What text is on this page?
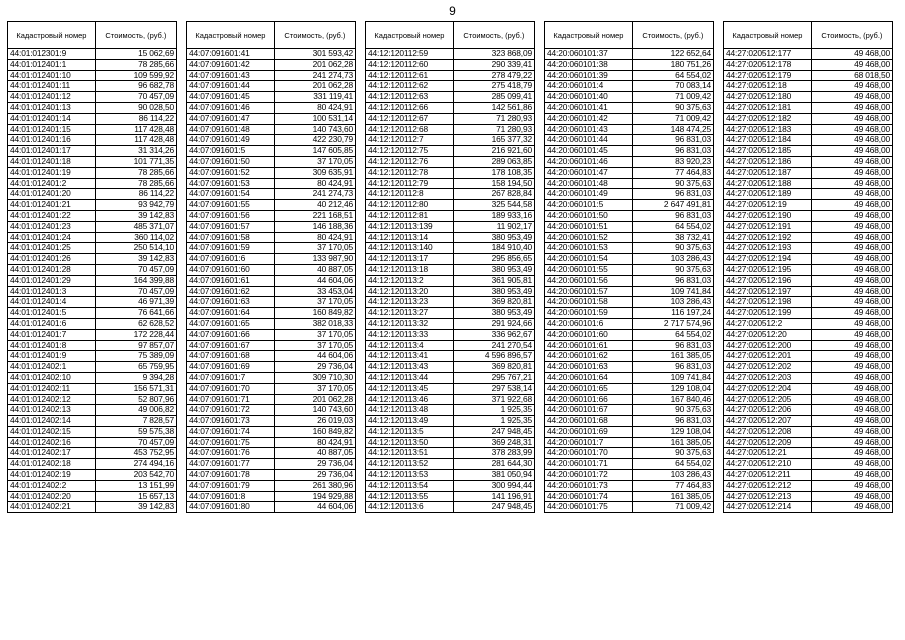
9
Кадастровый номер	Стоимость, (руб.)
44:01:012301:9	15 062,69
44:01:012401:1	78 285,66
44:01:012401:10	109 599,92
44:01:012401:11	96 682,78
44:01:012401:12	70 457,09
44:01:012401:13	90 028,50
44:01:012401:14	86 114,22
44:01:012401:15	117 428,48
44:01:012401:16	117 428,48
44:01:012401:17	31 314,26
44:01:012401:18	101 771,35
44:01:012401:19	78 285,66
44:01:012401:2	78 285,66
44:01:012401:20	86 114,22
44:01:012401:21	93 942,79
44:01:012401:22	39 142,83
44:01:012401:23	485 371,07
44:01:012401:24	360 114,02
44:01:012401:25	250 514,10
44:01:012401:26	39 142,83
44:01:012401:28	70 457,09
44:01:012401:29	164 399,88
44:01:012401:3	70 457,09
44:01:012401:4	46 971,39
44:01:012401:5	76 641,66
44:01:012401:6	62 628,52
44:01:012401:7	172 228,44
44:01:012401:8	97 857,07
44:01:012401:9	75 389,09
44:01:012402:1	65 759,95
44:01:012402:10	9 394,28
44:01:012402:11	156 571,31
44:01:012402:12	52 807,96
44:01:012402:13	49 006,82
44:01:012402:14	7 828,57
44:01:012402:15	59 575,38
44:01:012402:16	70 457,09
44:01:012402:17	453 752,95
44:01:012402:18	274 494,16
44:01:012402:19	203 542,70
44:01:012402:2	13 151,99
44:01:012402:20	15 657,13
44:01:012402:21	39 142,83
Кадастровый номер	Стоимость, (руб.)
44:07:091601:41	301 593,42
44:07:091601:42	201 062,28
44:07:091601:43	241 274,73
44:07:091601:44	201 062,28
44:07:091601:45	331 119,41
44:07:091601:46	80 424,91
44:07:091601:47	100 531,14
44:07:091601:48	140 743,60
44:07:091601:49	422 230,79
44:07:091601:5	147 605,85
44:07:091601:50	37 170,05
44:07:091601:52	309 635,91
44:07:091601:53	80 424,91
44:07:091601:54	241 274,73
44:07:091601:55	40 212,46
44:07:091601:56	221 168,51
44:07:091601:57	146 188,36
44:07:091601:58	80 424,91
44:07:091601:59	37 170,05
44:07:091601:6	133 987,90
44:07:091601:60	40 887,05
44:07:091601:61	44 604,06
44:07:091601:62	33 453,04
44:07:091601:63	37 170,05
44:07:091601:64	160 849,82
44:07:091601:65	382 018,33
44:07:091601:66	37 170,05
44:07:091601:67	37 170,05
44:07:091601:68	44 604,06
44:07:091601:69	29 736,04
44:07:091601:7	309 710,30
44:07:091601:70	37 170,05
44:07:091601:71	201 062,28
44:07:091601:72	140 743,60
44:07:091601:73	26 019,03
44:07:091601:74	160 849,82
44:07:091601:75	80 424,91
44:07:091601:76	40 887,05
44:07:091601:77	29 736,04
44:07:091601:78	29 736,04
44:07:091601:79	261 380,96
44:07:091601:8	194 929,88
44:07:091601:80	44 604,06
Кадастровый номер	Стоимость, (руб.)
44:12:120112:59	323 868,09
44:12:120112:60	290 339,41
44:12:120112:61	278 479,22
44:12:120112:62	275 418,79
44:12:120112:63	285 099,41
44:12:120112:66	142 561,86
44:12:120112:67	71 280,93
44:12:120112:68	71 280,93
44:12:120112:7	165 377,32
44:12:120112:75	216 921,60
44:12:120112:76	289 063,85
44:12:120112:78	178 108,35
44:12:120112:79	158 194,50
44:12:120112:8	267 828,84
44:12:120112:80	325 544,58
44:12:120112:81	189 933,16
44:12:120113:139	11 902,17
44:12:120113:14	380 953,49
44:12:120113:140	184 910,40
44:12:120113:17	295 856,65
44:12:120113:18	380 953,49
44:12:120113:2	361 905,81
44:12:120113:20	380 953,49
44:12:120113:23	369 820,81
44:12:120113:27	380 953,49
44:12:120113:32	291 924,66
44:12:120113:33	336 962,67
44:12:120113:4	241 270,54
44:12:120113:41	4 596 896,57
44:12:120113:43	369 820,81
44:12:120113:44	295 767,21
44:12:120113:45	297 538,14
44:12:120113:46	371 922,68
44:12:120113:48	1 925,35
44:12:120113:49	1 925,35
44:12:120113:5	247 948,45
44:12:120113:50	369 248,31
44:12:120113:51	378 283,99
44:12:120113:52	281 644,30
44:12:120113:53	381 050,94
44:12:120113:54	300 994,44
44:12:120113:55	141 196,91
44:12:120113:6	247 948,45
Кадастровый номер	Стоимость, (руб.)
44:20:060101:37	122 652,64
44:20:060101:38	180 751,26
44:20:060101:39	64 554,02
44:20:060101:4	70 083,14
44:20:060101:40	71 009,42
44:20:060101:41	90 375,63
44:20:060101:42	71 009,42
44:20:060101:43	148 474,25
44:20:060101:44	96 831,03
44:20:060101:45	96 831,03
44:20:060101:46	83 920,23
44:20:060101:47	77 464,83
44:20:060101:48	90 375,63
44:20:060101:49	96 831,03
44:20:060101:5	2 647 491,81
44:20:060101:50	96 831,03
44:20:060101:51	64 554,02
44:20:060101:52	38 732,41
44:20:060101:53	90 375,63
44:20:060101:54	103 286,43
44:20:060101:55	90 375,63
44:20:060101:56	96 831,03
44:20:060101:57	109 741,84
44:20:060101:58	103 286,43
44:20:060101:59	116 197,24
44:20:060101:6	2 717 574,96
44:20:060101:60	64 554,02
44:20:060101:61	96 831,03
44:20:060101:62	161 385,05
44:20:060101:63	96 831,03
44:20:060101:64	109 741,84
44:20:060101:65	129 108,04
44:20:060101:66	167 840,46
44:20:060101:67	90 375,63
44:20:060101:68	96 831,03
44:20:060101:69	129 108,04
44:20:060101:7	161 385,05
44:20:060101:70	90 375,63
44:20:060101:71	64 554,02
44:20:060101:72	103 286,43
44:20:060101:73	77 464,83
44:20:060101:74	161 385,05
44:20:060101:75	71 009,42
Кадастровый номер	Стоимость, (руб.)
44:27:020512:177	49 468,00
44:27:020512:178	49 468,00
44:27:020512:179	68 018,50
44:27:020512:18	49 468,00
44:27:020512:180	49 468,00
44:27:020512:181	49 468,00
44:27:020512:182	49 468,00
44:27:020512:183	49 468,00
44:27:020512:184	49 468,00
44:27:020512:185	49 468,00
44:27:020512:186	49 468,00
44:27:020512:187	49 468,00
44:27:020512:188	49 468,00
44:27:020512:189	49 468,00
44:27:020512:19	49 468,00
44:27:020512:190	49 468,00
44:27:020512:191	49 468,00
44:27:020512:192	49 468,00
44:27:020512:193	49 468,00
44:27:020512:194	49 468,00
44:27:020512:195	49 468,00
44:27:020512:196	49 468,00
44:27:020512:197	49 468,00
44:27:020512:198	49 468,00
44:27:020512:199	49 468,00
44:27:020512:2	49 468,00
44:27:020512:20	49 468,00
44:27:020512:200	49 468,00
44:27:020512:201	49 468,00
44:27:020512:202	49 468,00
44:27:020512:203	49 468,00
44:27:020512:204	49 468,00
44:27:020512:205	49 468,00
44:27:020512:206	49 468,00
44:27:020512:207	49 468,00
44:27:020512:208	49 468,00
44:27:020512:209	49 468,00
44:27:020512:21	49 468,00
44:27:020512:210	49 468,00
44:27:020512:211	49 468,00
44:27:020512:212	49 468,00
44:27:020512:213	49 468,00
44:27:020512:214	49 468,00
